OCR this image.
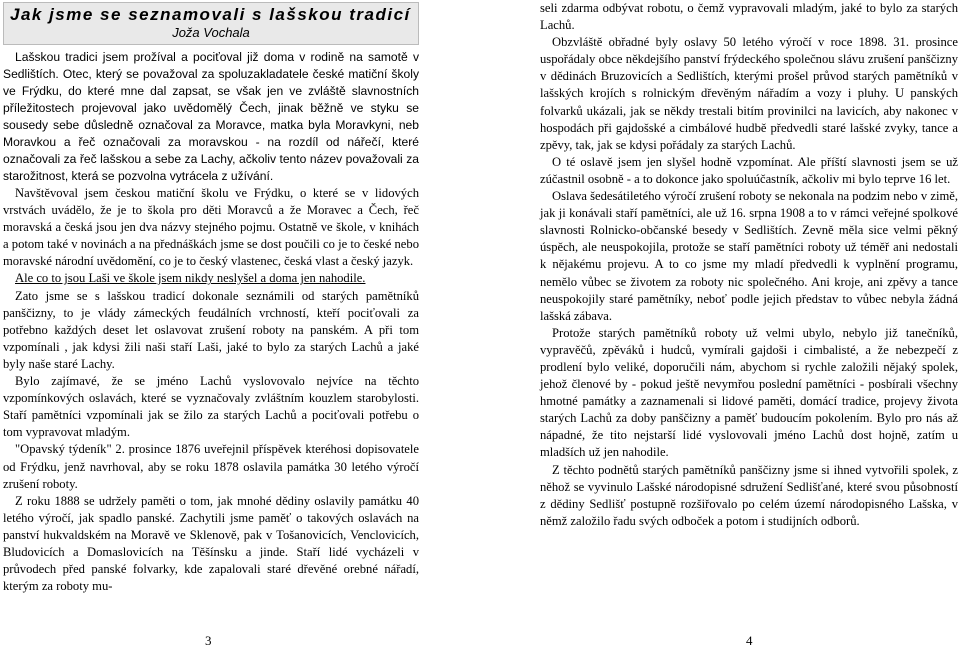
Jak jsme se seznamovali s lašskou tradicí
Joža Vochala

Lašskou tradici jsem prožíval a pociťoval již doma v rodině na samotě v Sedlištích. Otec, který se považoval za spoluzakladatele české matiční školy ve Frýdku, do které mne dal zapsat, se však jen ve zvláště slavnostních příležitostech projevoval jako uvědomělý Čech, jinak běžně ve styku se sousedy sebe důsledně označoval za Moravce, matka byla Moravkyni, neb Moravkou a řeč označovali za moravskou - na rozdíl od nářečí, které označovali za řeč lašskou a sebe za Lachy, ačkoliv tento název považovali za starožitnost, která se pozvolna vytrácela z užívání.

Navštěvoval jsem českou matiční školu ve Frýdku, o které se v lidových vrstvách uvádělo, že je to škola pro děti Moravců a že Moravec a Čech, řeč moravská a česká jsou jen dva názvy stejného pojmu. Ostatně ve škole, v knihách a potom také v novinách a na přednáškách jsme se dost poučili co je to české nebo moravské národní uvědomění, co je to český vlastenec, česká vlast a český jazyk.

Ale co to jsou Laši ve škole jsem nikdy neslyšel a doma jen nahodile.

Zato jsme se s lašskou tradicí dokonale seznámili od starých pamětníků panščizny, to je vlády zámeckých feudálních vrchností, kteří pociťovali za potřebno každých deset let oslavovat zrušení roboty na panském. A při tom vzpomínali , jak kdysi žili naši staří Laši, jaké to bylo za starých Lachů a jaké byly naše staré Lachy.

Bylo zajímavé, že se jméno Lachů vyslovovalo nejvíce na těchto vzpomínkových oslavách, které se vyznačovaly zvláštním kouzlem starobylosti. Staří pamětníci vzpomínali jak se žilo za starých Lachů a pociťovali potřebu o tom vypravovat mladým.

"Opavský týdeník" 2. prosince 1876 uveřejnil příspěvek kteréhosi dopisovatele od Frýdku, jenž navrhoval, aby se roku 1878 oslavila památka 30 letého výročí zrušení roboty.

Z roku 1888 se udržely paměti o tom, jak mnohé dědiny oslavily památku 40 letého výročí, jak spadlo panské. Zachytili jsme paměť o takových oslavách na panství hukvaldském na Moravě ve Sklenově, pak v Tošanovicích, Venclovicích, Bludovicích a Domaslovicích na Těšínsku a jinde. Staří lidé vycházeli v průvodech před panské folvarky, kde zapalovali staré dřevěné orebné nářadí, kterým za roboty mu-

seli zdarma odbývat robotu, o čemž vypravovali mladým, jaké to bylo za starých Lachů.

Obzvláště obřadné byly oslavy 50 letého výročí v roce 1898. 31. prosince uspořádaly obce někdejšího panství frýdeckého společnou slávu zrušení panščizny v dědinách Bruzovicích a Sedlištích, kterými prošel průvod starých pamětníků v lašských krojích s rolnickým dřevěným nářadím a vozy i pluhy. U panských folvarků ukázali, jak se někdy trestali bitím provinilci na lavicích, aby nakonec v hospodách při gajdošské a cimbálové hudbě předvedli staré lašské zvyky, tance a zpěvy, tak, jak se kdysi pořádaly za starých Lachů.

O té oslavě jsem jen slyšel hodně vzpomínat. Ale příští slavnosti jsem se už zúčastnil osobně - a to dokonce jako spoluúčastník, ačkoliv mi bylo teprve 16 let.

Oslava šedesátiletého výročí zrušení roboty se nekonala na podzim nebo v zimě, jak ji konávali staří pamětníci, ale už 16. srpna 1908 a to v rámci veřejné spolkové slavnosti Rolnicko-občanské besedy v Sedlištích. Zevně měla sice velmi pěkný úspěch, ale neuspokojila, protože se staří pamětníci roboty už téměř ani nedostali k nějakému projevu. A to co jsme my mladí předvedli k vyplnění programu, nemělo vůbec se životem za roboty nic společného. Ani kroje, ani zpěvy a tance neuspokojily staré pamětníky, neboť podle jejich představ to vůbec nebyla žádná lašská zábava.

Protože starých pamětníků roboty už velmi ubylo, nebylo již tanečníků, vypravěčů, zpěváků i hudců, vymírali gajdoši i cimbalisté, a že nebezpečí z prodlení bylo veliké, doporučili nám, abychom si rychle založili nějaký spolek, jehož členové by - pokud ještě nevymřou poslední pamětníci - posbírali všechny hmotné památky a zaznamenali si lidové paměti, domácí tradice, projevy života starých Lachů za doby panščizny a paměť budoucím pokolením. Bylo pro nás až nápadné, že tito nejstarší lidé vyslovovali jméno Lachů dost hojně, zatím u mladších už jen nahodile.

Z těchto podnětů starých pamětníků panščizny jsme si ihned vytvořili spolek, z něhož se vyvinulo Lašské národopisné sdružení Sedlišťané, které svou působností z dědiny Sedlišť postupně rozšiřovalo po celém území národopisného Lašska, v němž založilo řadu svých odboček a potom i studijních odborů.

3	4
